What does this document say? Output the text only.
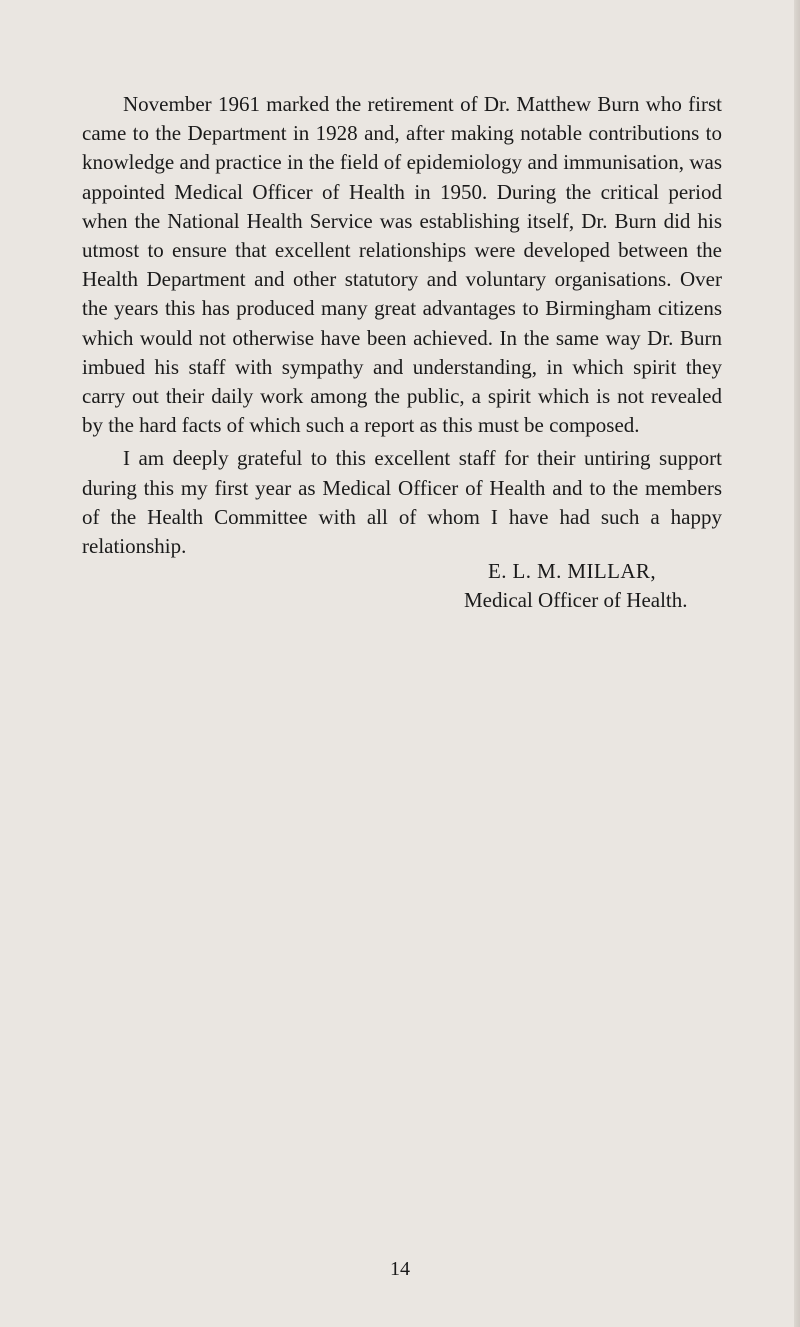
November 1961 marked the retirement of Dr. Matthew Burn who first came to the Department in 1928 and, after making notable contributions to knowledge and practice in the field of epidemiology and immunisation, was appointed Medical Officer of Health in 1950. During the critical period when the National Health Service was establishing itself, Dr. Burn did his utmost to ensure that excellent relationships were developed between the Health Department and other statutory and voluntary organisations. Over the years this has produced many great advantages to Birmingham citizens which would not otherwise have been achieved. In the same way Dr. Burn imbued his staff with sympathy and understanding, in which spirit they carry out their daily work among the public, a spirit which is not revealed by the hard facts of which such a report as this must be composed.

I am deeply grateful to this excellent staff for their untiring support during this my first year as Medical Officer of Health and to the members of the Health Committee with all of whom I have had such a happy relationship.

E. L. M. MILLAR,

Medical Officer of Health.

14
